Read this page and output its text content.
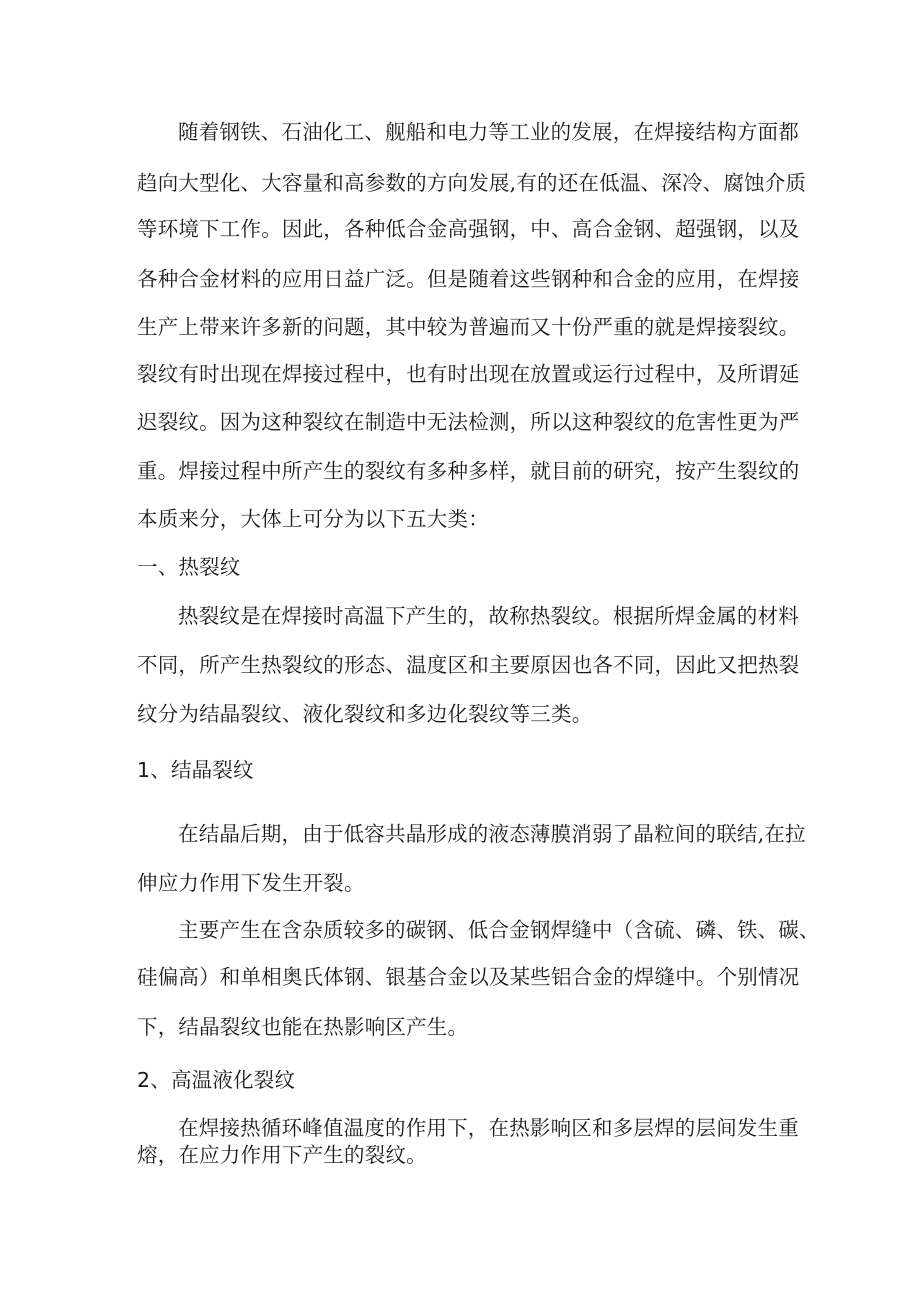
随着钢铁、石油化工、舰船和电力等工业的发展，在焊接结构方面都
趋向大型化、大容量和高参数的方向发展,有的还在低温、深冷、腐蚀介质
等环境下工作。因此，各种低合金高强钢，中、高合金钢、超强钢，以及
各种合金材料的应用日益广泛。但是随着这些钢种和合金的应用，在焊接
生产上带来许多新的问题，其中较为普遍而又十份严重的就是焊接裂纹。
裂纹有时出现在焊接过程中，也有时出现在放置或运行过程中，及所谓延
迟裂纹。因为这种裂纹在制造中无法检测，所以这种裂纹的危害性更为严
重。焊接过程中所产生的裂纹有多种多样，就目前的研究，按产生裂纹的
本质来分，大体上可分为以下五大类：
一、热裂纹
热裂纹是在焊接时高温下产生的，故称热裂纹。根据所焊金属的材料
不同，所产生热裂纹的形态、温度区和主要原因也各不同，因此又把热裂
纹分为结晶裂纹、液化裂纹和多边化裂纹等三类。
1、结晶裂纹
在结晶后期，由于低容共晶形成的液态薄膜消弱了晶粒间的联结,在拉
伸应力作用下发生开裂。
主要产生在含杂质较多的碳钢、低合金钢焊缝中（含硫、磷、铁、碳、
硅偏高）和单相奥氏体钢、银基合金以及某些铝合金的焊缝中。个别情况
下，结晶裂纹也能在热影响区产生。
2、高温液化裂纹
在焊接热循环峰值温度的作用下，在热影响区和多层焊的层间发生重
熔，在应力作用下产生的裂纹。
